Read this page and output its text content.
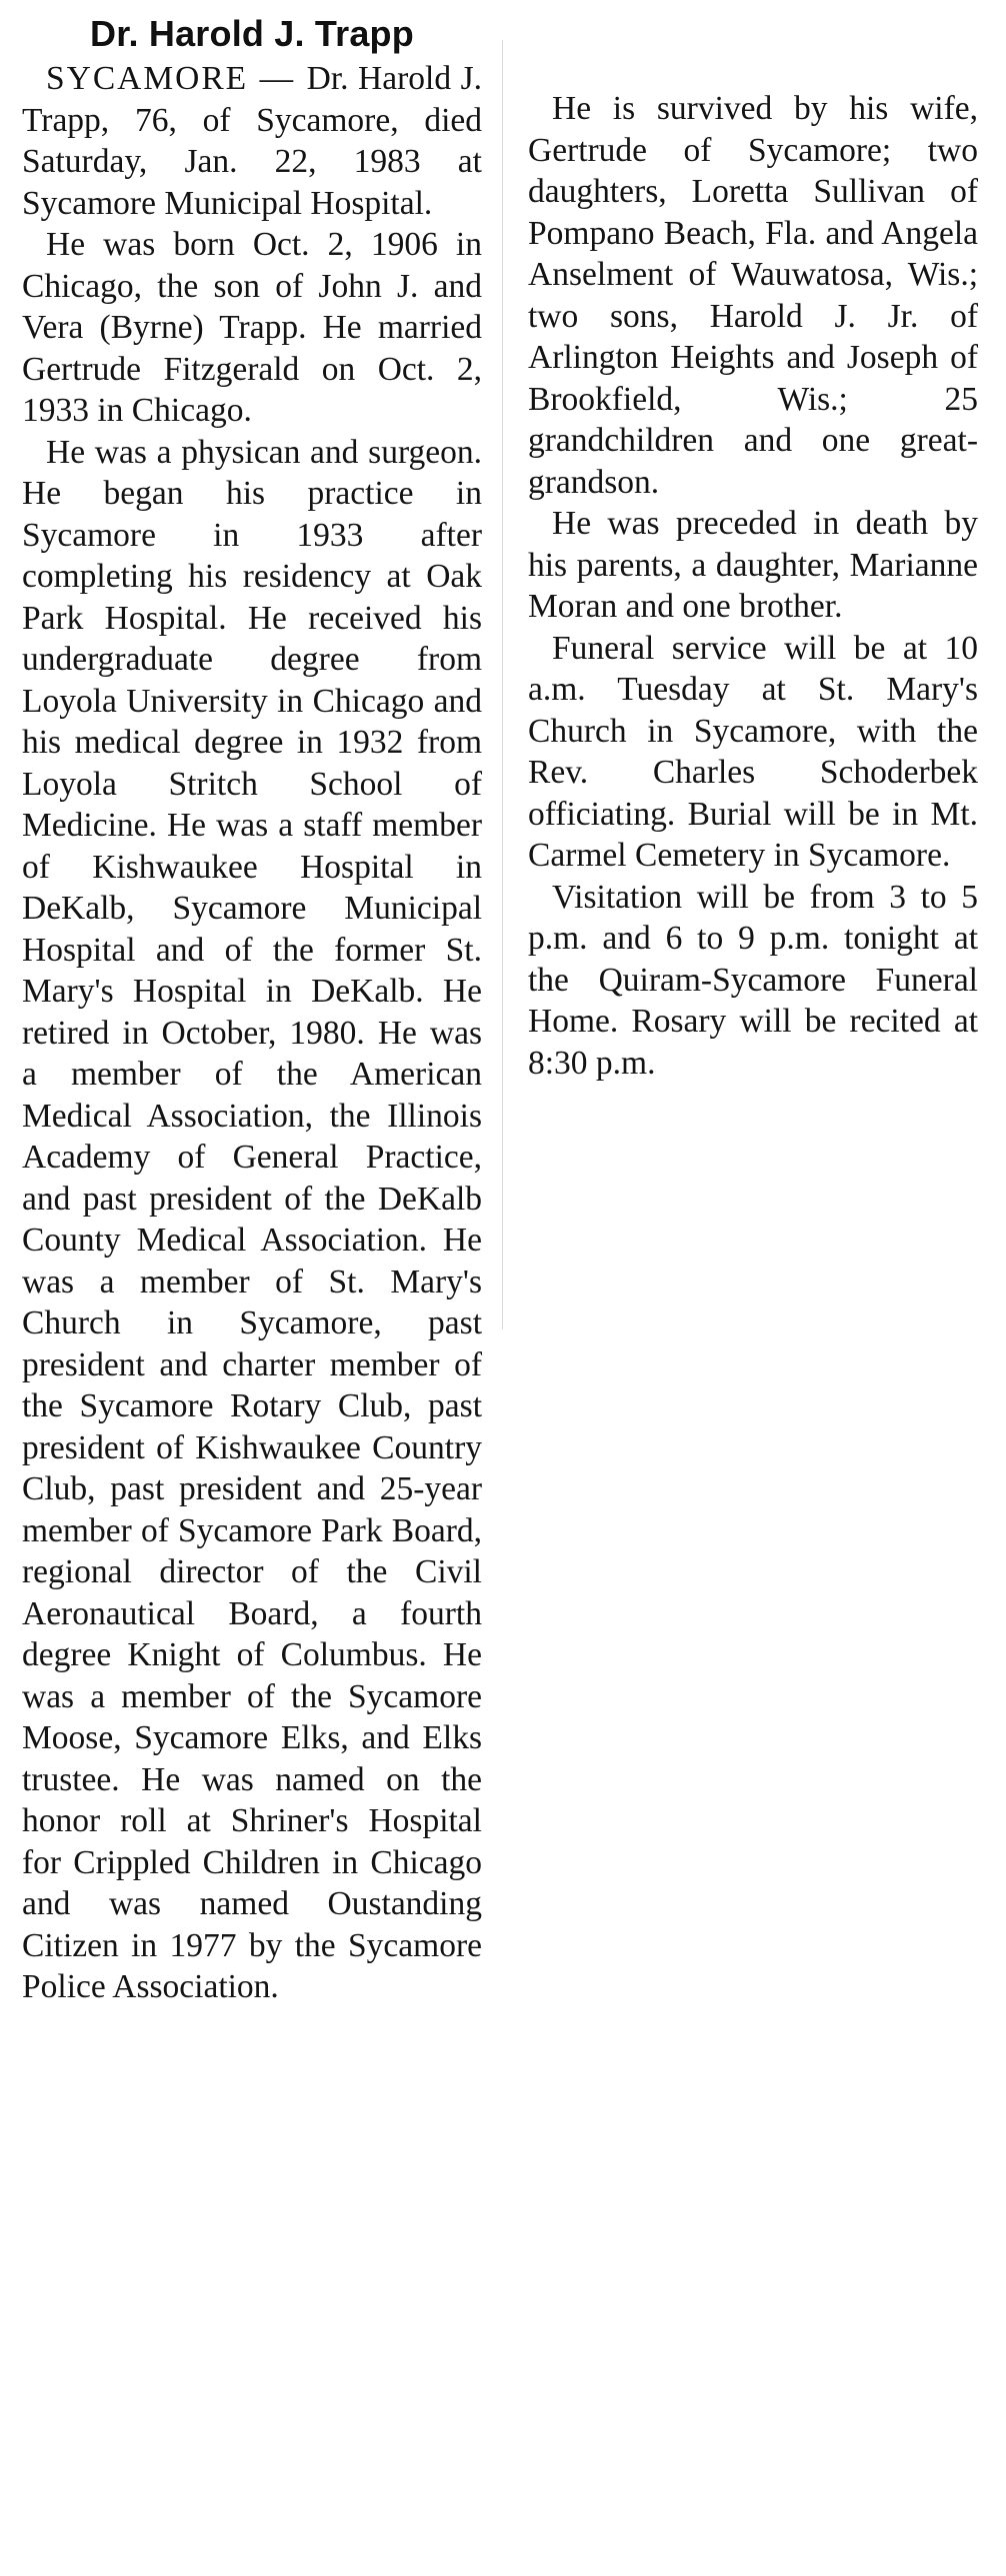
Dr. Harold J. Trapp

SYCAMORE — Dr. Harold J. Trapp, 76, of Sycamore, died Saturday, Jan. 22, 1983 at Sycamore Municipal Hospital.

He was born Oct. 2, 1906 in Chicago, the son of John J. and Vera (Byrne) Trapp. He married Gertrude Fitzgerald on Oct. 2, 1933 in Chicago.

He was a physican and surgeon. He began his practice in Sycamore in 1933 after completing his residency at Oak Park Hospital. He received his undergraduate degree from Loyola University in Chicago and his medical degree in 1932 from Loyola Stritch School of Medicine. He was a staff member of Kishwaukee Hospital in DeKalb, Sycamore Municipal Hospital and of the former St. Mary's Hospital in DeKalb. He retired in October, 1980. He was a member of the American Medical Association, the Illinois Academy of General Practice, and past president of the DeKalb County Medical Association. He was a member of St. Mary's Church in Sycamore, past president and charter member of the Sycamore Rotary Club, past president of Kishwaukee Country Club, past president and 25-year member of Sycamore Park Board, regional director of the Civil Aeronautical Board, a fourth degree Knight of Columbus. He was a member of the Sycamore Moose, Sycamore Elks, and Elks trustee. He was named on the honor roll at Shriner's Hospital for Crippled Children in Chicago and was named Oustanding Citizen in 1977 by the Sycamore Police Association.

He is survived by his wife, Gertrude of Sycamore; two daughters, Loretta Sullivan of Pompano Beach, Fla. and Angela Anselment of Wauwatosa, Wis.; two sons, Harold J. Jr. of Arlington Heights and Joseph of Brookfield, Wis.; 25 grandchildren and one great-grandson.

He was preceded in death by his parents, a daughter, Marianne Moran and one brother.

Funeral service will be at 10 a.m. Tuesday at St. Mary's Church in Sycamore, with the Rev. Charles Schoderbek officiating. Burial will be in Mt. Carmel Cemetery in Sycamore.

Visitation will be from 3 to 5 p.m. and 6 to 9 p.m. tonight at the Quiram-Sycamore Funeral Home. Rosary will be recited at 8:30 p.m.
